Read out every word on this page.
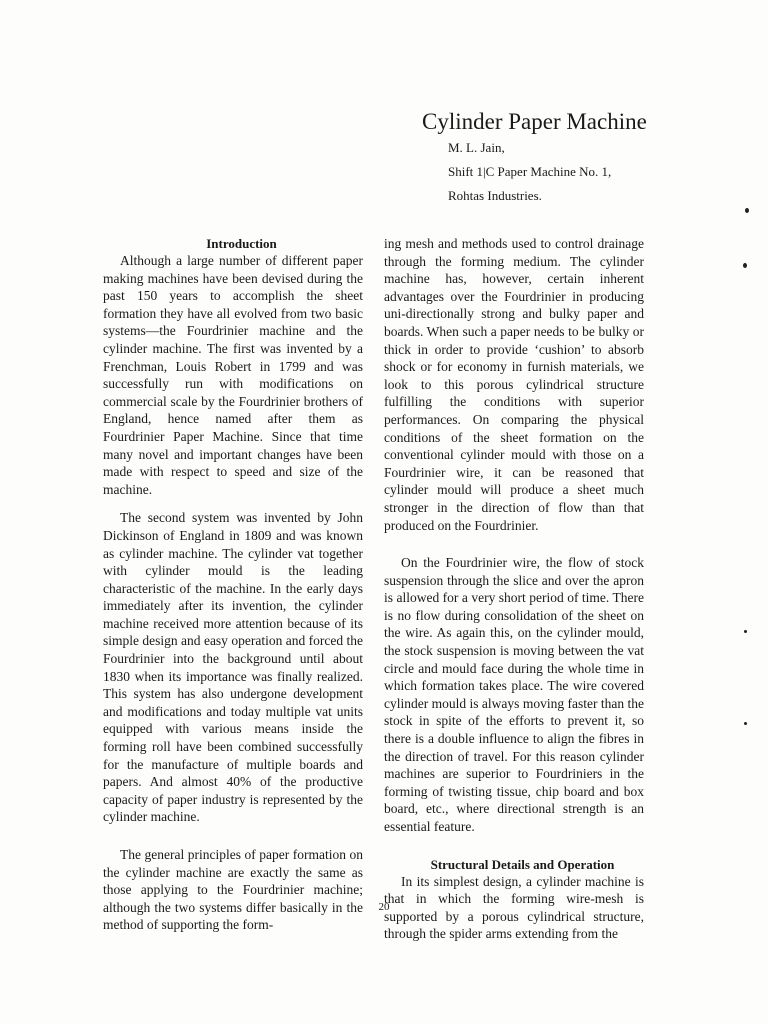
Cylinder Paper Machine
M. L. Jain,
Shift 1|C Paper Machine No. 1,
Rohtas Industries.

Introduction

Although a large number of different paper making machines have been devised during the past 150 years to accomplish the sheet formation they have all evolved from two basic systems—the Fourdrinier machine and the cylinder machine. The first was invented by a Frenchman, Louis Robert in 1799 and was successfully run with modifications on commercial scale by the Fourdrinier brothers of England, hence named after them as Fourdrinier Paper Machine. Since that time many novel and important changes have been made with respect to speed and size of the machine.

The second system was invented by John Dickinson of England in 1809 and was known as cylinder machine. The cylinder vat together with cylinder mould is the leading characteristic of the machine. In the early days immediately after its invention, the cylinder machine received more attention because of its simple design and easy operation and forced the Fourdrinier into the background until about 1830 when its importance was finally realized. This system has also undergone development and modifications and today multiple vat units equipped with various means inside the forming roll have been combined successfully for the manufacture of multiple boards and papers. And almost 40% of the productive capacity of paper industry is represented by the cylinder machine.

The general principles of paper formation on the cylinder machine are exactly the same as those applying to the Fourdrinier machine; although the two systems differ basically in the method of supporting the form-

ing mesh and methods used to control drainage through the forming medium. The cylinder machine has, however, certain inherent advantages over the Fourdrinier in producing uni-directionally strong and bulky paper and boards. When such a paper needs to be bulky or thick in order to provide ‘cushion’ to absorb shock or for economy in furnish materials, we look to this porous cylindrical structure fulfilling the conditions with superior performances. On comparing the physical conditions of the sheet formation on the conventional cylinder mould with those on a Fourdrinier wire, it can be reasoned that cylinder mould will produce a sheet much stronger in the direction of flow than that produced on the Fourdrinier.

On the Fourdrinier wire, the flow of stock suspension through the slice and over the apron is allowed for a very short period of time. There is no flow during consolidation of the sheet on the wire. As again this, on the cylinder mould, the stock suspension is moving between the vat circle and mould face during the whole time in which formation takes place. The wire covered cylinder mould is always moving faster than the stock in spite of the efforts to prevent it, so there is a double influence to align the fibres in the direction of travel. For this reason cylinder machines are superior to Fourdriniers in the forming of twisting tissue, chip board and box board, etc., where directional strength is an essential feature.

Structural Details and Operation

In its simplest design, a cylinder machine is that in which the forming wire-mesh is supported by a porous cylindrical structure, through the spider arms extending from the

20
